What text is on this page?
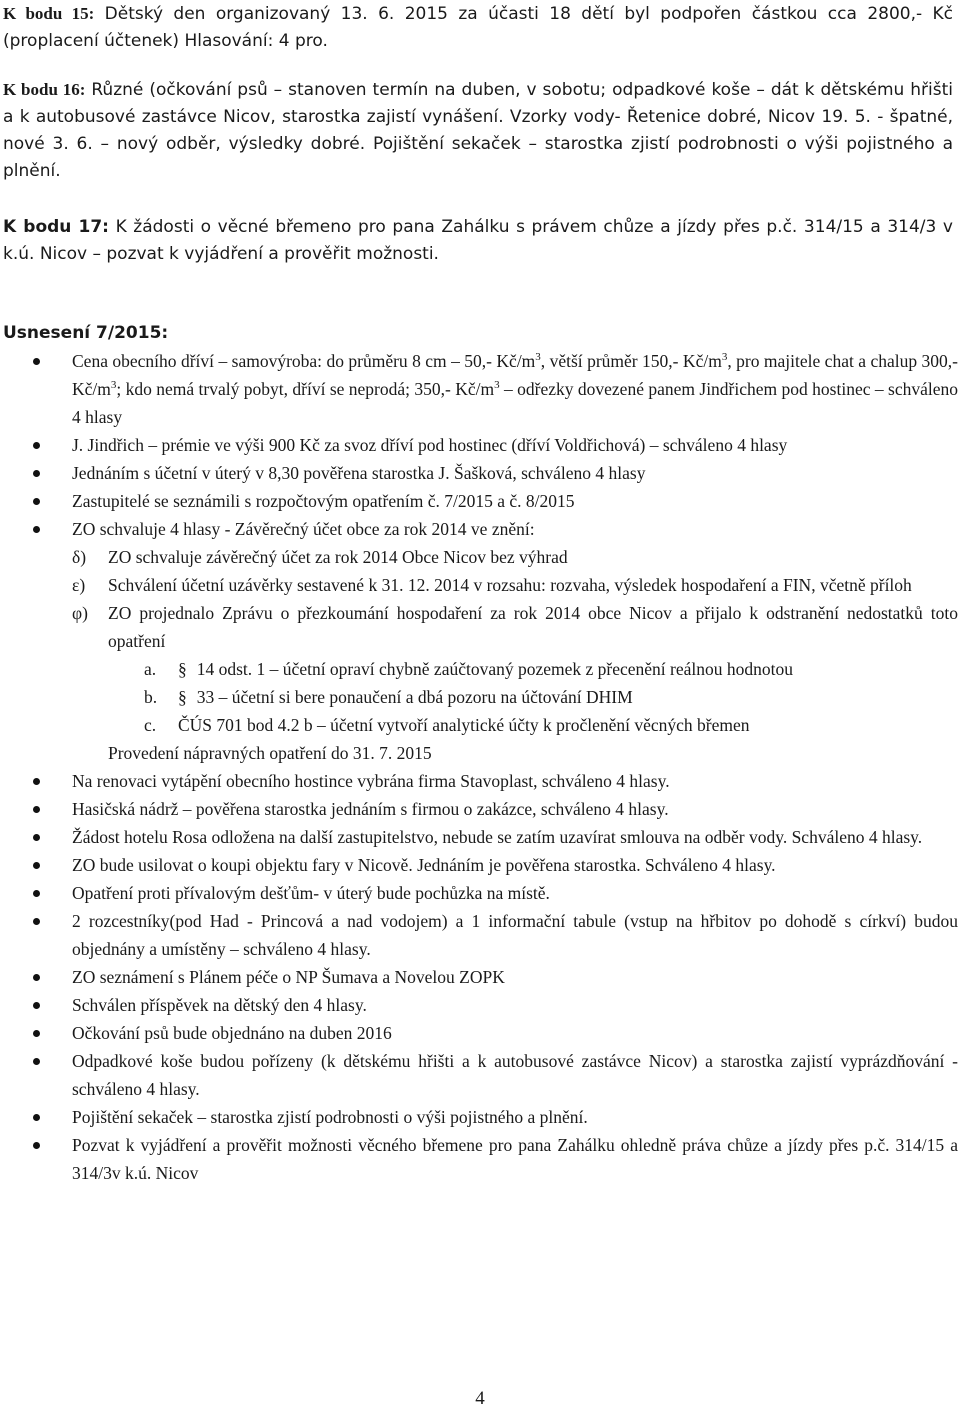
K bodu 15: Dětský den organizovaný 13. 6. 2015 za účasti 18 dětí byl podpořen částkou cca 2800,- Kč (proplacení účtenek) Hlasování: 4 pro.

K bodu 16: Různé (očkování psů – stanoven termín na duben, v sobotu; odpadkové koše – dát k dětskému hřišti a k autobusové zastávce Nicov, starostka zajistí vynášení. Vzorky vody- Řetenice dobré, Nicov 19. 5. - špatné, nové 3. 6. – nový odběr, výsledky dobré. Pojištění sekaček – starostka zjistí podrobnosti o výši pojistného a plnění.

K bodu 17: K žádosti o věcné břemeno pro pana Zahálku s právem chůze a jízdy přes p.č. 314/15 a 314/3 v k.ú. Nicov – pozvat k vyjádření a prověřit možnosti.

Usnesení 7/2015:
Cena obecního dříví – samovýroba: do průměru 8 cm – 50,- $Kč/m^3$, větší průměr 150,- $Kč/m^3$, pro majitele chat a chalup $300,-Kč/m^3$; kdo nemá trvalý pobyt, dříví se neprodá; 350,- $Kč/m^3$ – odřezky dovezené panem Jindřichem pod hostinec – schváleno 4 hlasy
J. Jindřich – prémie ve výši 900 Kč za svoz dříví pod hostinec (dříví Voldřichová) – schváleno 4 hlasy
Jednáním s účetní v úterý v 8,30 pověřena starostka J. Šašková, schváleno 4 hlasy
Zastupitelé se seznámili s rozpočtovým opatřením č. 7/2015 a č. 8/2015
ZO schvaluje 4 hlasy - Závěrečný účet obce za rok 2014 ve znění:
δ)	ZO schvaluje závěrečný účet za rok 2014 Obce Nicov bez výhrad
ε)	Schválení účetní uzávěrky sestavené k 31. 12. 2014 v rozsahu: rozvaha, výsledek hospodaření a FIN, včetně příloh
φ)	ZO projednalo Zprávu o přezkoumání hospodaření za rok 2014 obce Nicov a přijalo k odstranění nedostatků toto opatření
a. § 14 odst. 1 – účetní opraví chybně zaúčtovaný pozemek z přecenění reálnou hodnotou
b. § 33 – účetní si bere ponaučení a dbá pozoru na účtování DHIM
c. ČÚS 701 bod 4.2 b – účetní vytvoří analytické účty k pročlenění věcných břemen
Provedení nápravných opatření do 31. 7. 2015
Na renovaci vytápění obecního hostince vybrána firma Stavoplast, schváleno 4 hlasy.
Hasičská nádrž – pověřena starostka jednáním s firmou o zakázce, schváleno 4 hlasy.
Žádost hotelu Rosa odložena na další zastupitelstvo, nebude se zatím uzavírat smlouva na odběr vody. Schváleno 4 hlasy.
ZO bude usilovat o koupi objektu fary v Nicově. Jednáním je pověřena starostka. Schváleno 4 hlasy.
Opatření proti přívalovým dešťům- v úterý bude pochůzka na místě.
2 rozcestníky(pod Had - Princová a nad vodojem) a 1 informační tabule (vstup na hřbitov po dohodě s církví) budou objednány a umístěny – schváleno 4 hlasy.
ZO seznámení s Plánem péče o NP Šumava a Novelou ZOPK
Schválen příspěvek na dětský den 4 hlasy.
Očkování psů bude objednáno na duben 2016
Odpadkové koše budou pořízeny (k dětskému hřišti a k autobusové zastávce Nicov) a starostka zajistí vyprázdňování - schváleno 4 hlasy.
Pojištění sekaček – starostka zjistí podrobnosti o výši pojistného a plnění.
Pozvat k vyjádření a prověřit možnosti věcného břemene pro pana Zahálku ohledně práva chůze a jízdy přes p.č. 314/15 a 314/3v k.ú. Nicov
4
